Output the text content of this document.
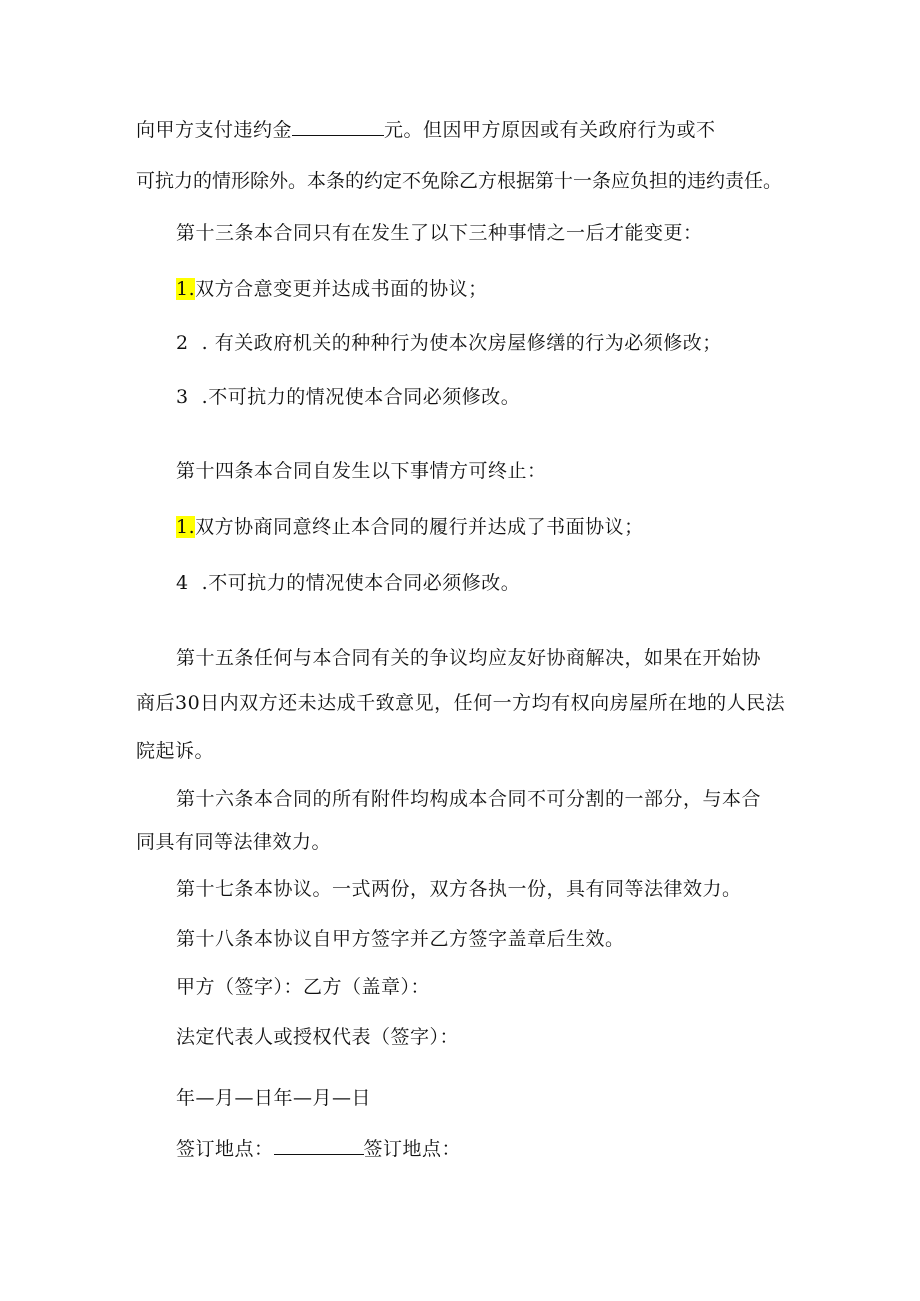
向甲方支付违约金	元。但因甲方原因或有关政府行为或不
可抗力的情形除外。本条的约定不免除乙方根据第十一条应负担的违约责任。
第十三条本合同只有在发生了以下三种事情之一后才能变更：
1.双方合意变更并达成书面的协议；
2  . 有关政府机关的种种行为使本次房屋修缮的行为必须修改；
3  .不可抗力的情况使本合同必须修改。
第十四条本合同自发生以下事情方可终止：
1.双方协商同意终止本合同的履行并达成了书面协议；
4  .不可抗力的情况使本合同必须修改。
第十五条任何与本合同有关的争议均应友好协商解决，如果在开始协
商后30日内双方还未达成千致意见，任何一方均有权向房屋所在地的人民法
院起诉。
第十六条本合同的所有附件均构成本合同不可分割的一部分，与本合
同具有同等法律效力。
第十七条本协议。一式两份，双方各执一份，具有同等法律效力。
第十八条本协议自甲方签字并乙方签字盖章后生效。
甲方（签字）：乙方（盖章）：
法定代表人或授权代表（签字）：
年—月—日年—月—日
签订地点：	签订地点：
